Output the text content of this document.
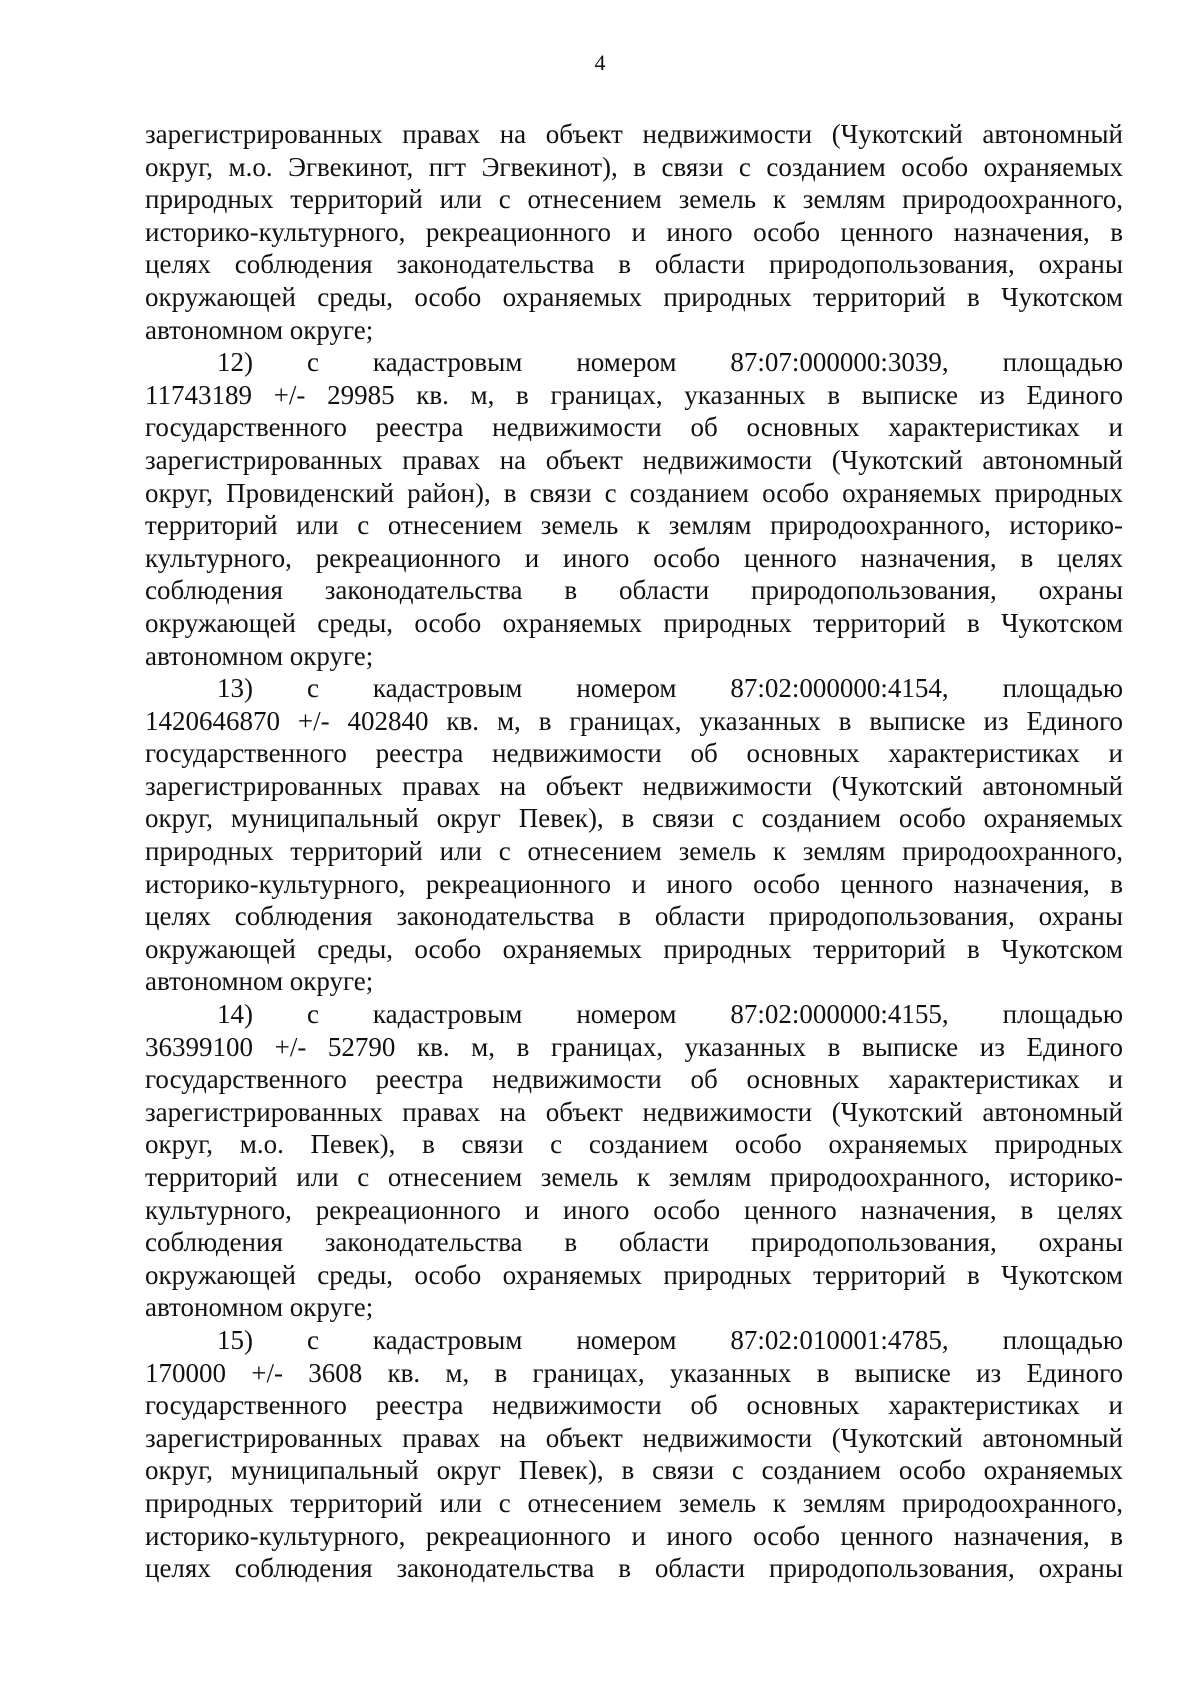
4
зарегистрированных правах на объект недвижимости (Чукотский автономный
округ, м.о. Эгвекинот, пгт Эгвекинот), в связи с созданием особо охраняемых
природных территорий или с отнесением земель к землям природоохранного,
историко-культурного, рекреационного и иного особо ценного назначения, в
целях соблюдения законодательства в области природопользования, охраны
окружающей среды, особо охраняемых природных территорий в Чукотском
автономном округе;
12) с кадастровым номером 87:07:000000:3039, площадью
11743189 +/- 29985 кв. м, в границах, указанных в выписке из Единого
государственного реестра недвижимости об основных характеристиках и
зарегистрированных правах на объект недвижимости (Чукотский автономный
округ, Провиденский район), в связи с созданием особо охраняемых природных
территорий или с отнесением земель к землям природоохранного, историко-
культурного, рекреационного и иного особо ценного назначения, в целях
соблюдения законодательства в области природопользования, охраны
окружающей среды, особо охраняемых природных территорий в Чукотском
автономном округе;
13) с кадастровым номером 87:02:000000:4154, площадью
1420646870 +/- 402840 кв. м, в границах, указанных в выписке из Единого
государственного реестра недвижимости об основных характеристиках и
зарегистрированных правах на объект недвижимости (Чукотский автономный
округ, муниципальный округ Певек), в связи с созданием особо охраняемых
природных территорий или с отнесением земель к землям природоохранного,
историко-культурного, рекреационного и иного особо ценного назначения, в
целях соблюдения законодательства в области природопользования, охраны
окружающей среды, особо охраняемых природных территорий в Чукотском
автономном округе;
14) с кадастровым номером 87:02:000000:4155, площадью
36399100 +/- 52790 кв. м, в границах, указанных в выписке из Единого
государственного реестра недвижимости об основных характеристиках и
зарегистрированных правах на объект недвижимости (Чукотский автономный
округ, м.о. Певек), в связи с созданием особо охраняемых природных
территорий или с отнесением земель к землям природоохранного, историко-
культурного, рекреационного и иного особо ценного назначения, в целях
соблюдения законодательства в области природопользования, охраны
окружающей среды, особо охраняемых природных территорий в Чукотском
автономном округе;
15) с кадастровым номером 87:02:010001:4785, площадью
170000 +/- 3608 кв. м, в границах, указанных в выписке из Единого
государственного реестра недвижимости об основных характеристиках и
зарегистрированных правах на объект недвижимости (Чукотский автономный
округ, муниципальный округ Певек), в связи с созданием особо охраняемых
природных территорий или с отнесением земель к землям природоохранного,
историко-культурного, рекреационного и иного особо ценного назначения, в
целях соблюдения законодательства в области природопользования, охраны
